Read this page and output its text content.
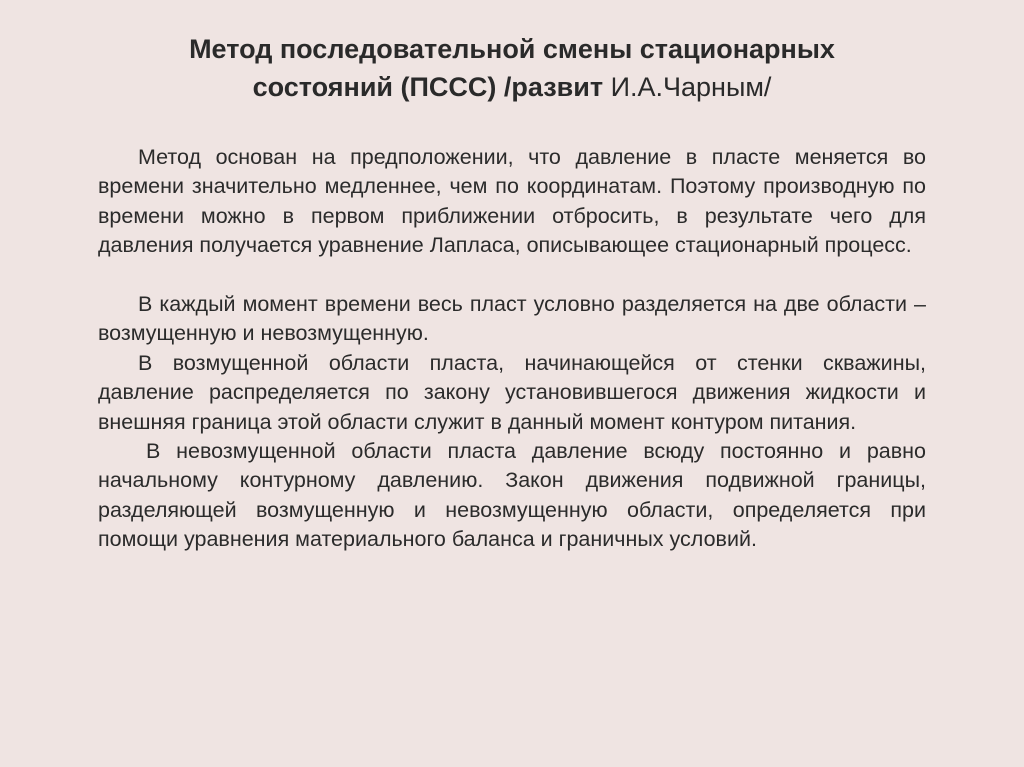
Метод последовательной смены стационарных
состояний (ПССС) /развит И.А.Чарным/

Метод основан на предположении, что давление в пласте меняется во времени значительно медленнее, чем по координатам. Поэтому производную по времени можно в первом приближении отбросить, в результате чего для давления получается уравнение Лапласа, описывающее стационарный процесс.

В каждый момент времени весь пласт условно разделяется на две области – возмущенную и невозмущенную.

В возмущенной области пласта, начинающейся от стенки скважины, давление распределяется по закону установившегося движения жидкости и внешняя граница этой области служит в данный момент контуром питания.

В невозмущенной области пласта давление всюду постоянно и равно начальному контурному давлению. Закон движения подвижной границы, разделяющей возмущенную и невозмущенную области, определяется при помощи уравнения материального баланса и граничных условий.
